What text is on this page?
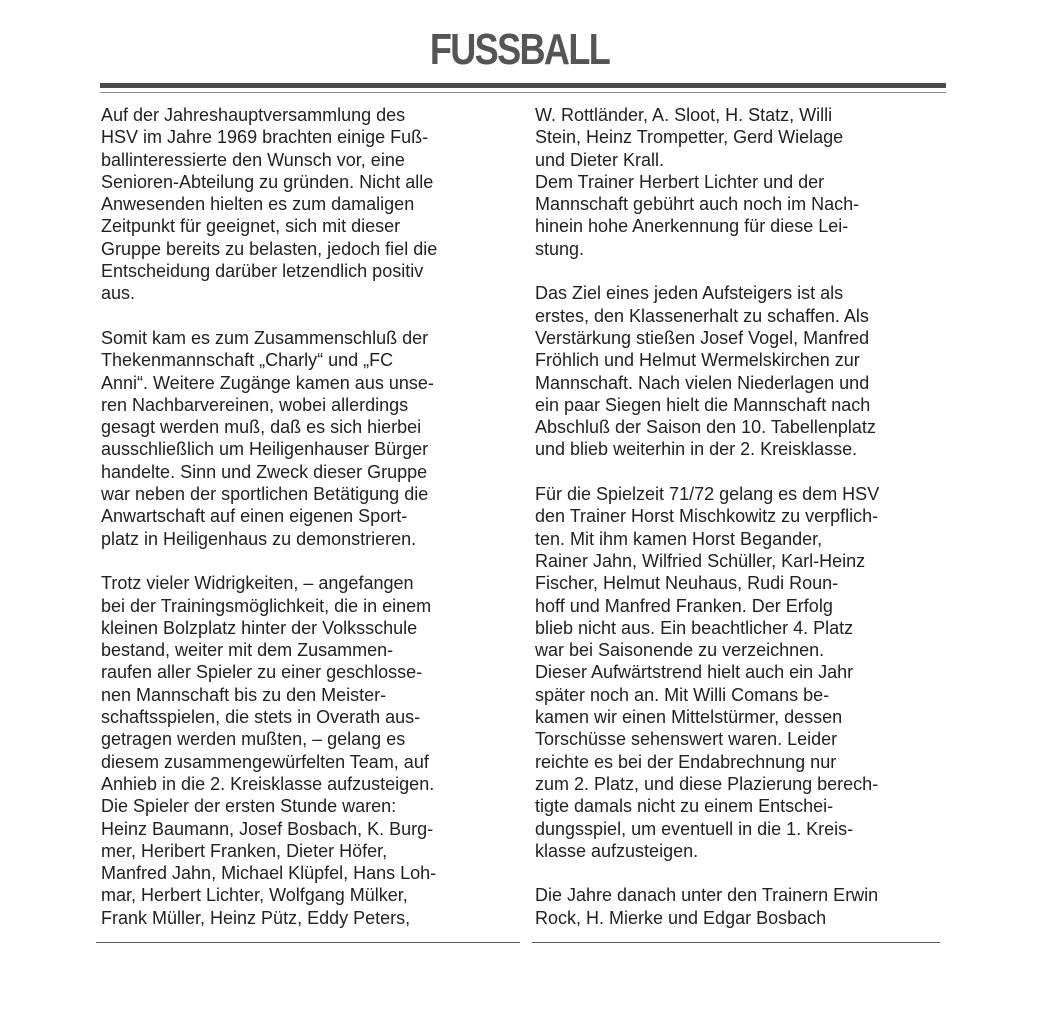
FUSSBALL

Auf der Jahreshauptversammlung des
HSV im Jahre 1969 brachten einige Fuß-
ballinteressierte den Wunsch vor, eine
Senioren-Abteilung zu gründen. Nicht alle
Anwesenden hielten es zum damaligen
Zeitpunkt für geeignet, sich mit dieser
Gruppe bereits zu belasten, jedoch fiel die
Entscheidung darüber letzendlich positiv
aus.

Somit kam es zum Zusammenschluß der
Thekenmannschaft „Charly“ und „FC
Anni“. Weitere Zugänge kamen aus unse-
ren Nachbarvereinen, wobei allerdings
gesagt werden muß, daß es sich hierbei
ausschließlich um Heiligenhauser Bürger
handelte. Sinn und Zweck dieser Gruppe
war neben der sportlichen Betätigung die
Anwartschaft auf einen eigenen Sport-
platz in Heiligenhaus zu demonstrieren.

Trotz vieler Widrigkeiten, – angefangen
bei der Trainingsmöglichkeit, die in einem
kleinen Bolzplatz hinter der Volksschule
bestand, weiter mit dem Zusammen-
raufen aller Spieler zu einer geschlosse-
nen Mannschaft bis zu den Meister-
schaftsspielen, die stets in Overath aus-
getragen werden mußten, – gelang es
diesem zusammengewürfelten Team, auf
Anhieb in die 2. Kreisklasse aufzusteigen.
Die Spieler der ersten Stunde waren:
Heinz Baumann, Josef Bosbach, K. Burg-
mer, Heribert Franken, Dieter Höfer,
Manfred Jahn, Michael Klüpfel, Hans Loh-
mar, Herbert Lichter, Wolfgang Mülker,
Frank Müller, Heinz Pütz, Eddy Peters,

W. Rottländer, A. Sloot, H. Statz, Willi
Stein, Heinz Trompetter, Gerd Wielage
und Dieter Krall.
Dem Trainer Herbert Lichter und der
Mannschaft gebührt auch noch im Nach-
hinein hohe Anerkennung für diese Lei-
stung.

Das Ziel eines jeden Aufsteigers ist als
erstes, den Klassenerhalt zu schaffen. Als
Verstärkung stießen Josef Vogel, Manfred
Fröhlich und Helmut Wermelskirchen zur
Mannschaft. Nach vielen Niederlagen und
ein paar Siegen hielt die Mannschaft nach
Abschluß der Saison den 10. Tabellenplatz
und blieb weiterhin in der 2. Kreisklasse.

Für die Spielzeit 71/72 gelang es dem HSV
den Trainer Horst Mischkowitz zu verpflich-
ten. Mit ihm kamen Horst Begander,
Rainer Jahn, Wilfried Schüller, Karl-Heinz
Fischer, Helmut Neuhaus, Rudi Roun-
hoff und Manfred Franken. Der Erfolg
blieb nicht aus. Ein beachtlicher 4. Platz
war bei Saisonende zu verzeichnen.
Dieser Aufwärtstrend hielt auch ein Jahr
später noch an. Mit Willi Comans be-
kamen wir einen Mittelstürmer, dessen
Torschüsse sehenswert waren. Leider
reichte es bei der Endabrechnung nur
zum 2. Platz, und diese Plazierung berech-
tigte damals nicht zu einem Entschei-
dungsspiel, um eventuell in die 1. Kreis-
klasse aufzusteigen.

Die Jahre danach unter den Trainern Erwin
Rock, H. Mierke und Edgar Bosbach
